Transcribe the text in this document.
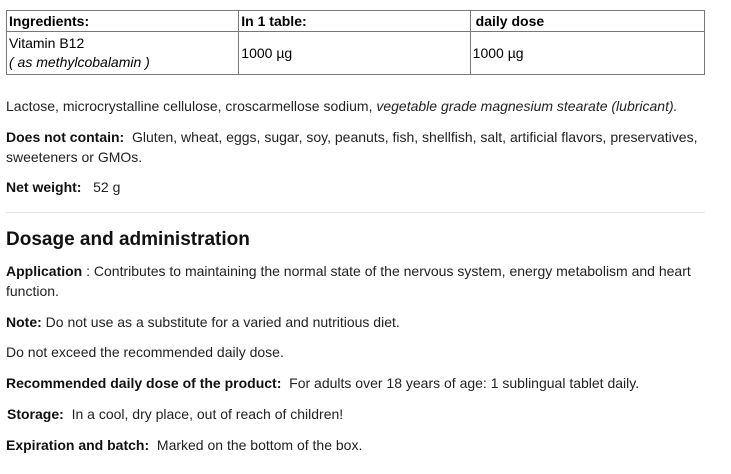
Ingredients:	In 1 table:	daily dose

Vitamin B12
( as methylcobalamin )	1000 µg	1000 µg

Lactose, microcrystalline cellulose, croscarmellose sodium, vegetable grade magnesium stearate (lubricant).

Does not contain: Gluten, wheat, eggs, sugar, soy, peanuts, fish, shellfish, salt, artificial flavors, preservatives, sweeteners or GMOs.

Net weight: 52 g

Dosage and administration

Application : Contributes to maintaining the normal state of the nervous system, energy metabolism and heart function.

Note: Do not use as a substitute for a varied and nutritious diet.

Do not exceed the recommended daily dose.

Recommended daily dose of the product: For adults over 18 years of age: 1 sublingual tablet daily.

Storage: In a cool, dry place, out of reach of children!

Expiration and batch: Marked on the bottom of the box.
